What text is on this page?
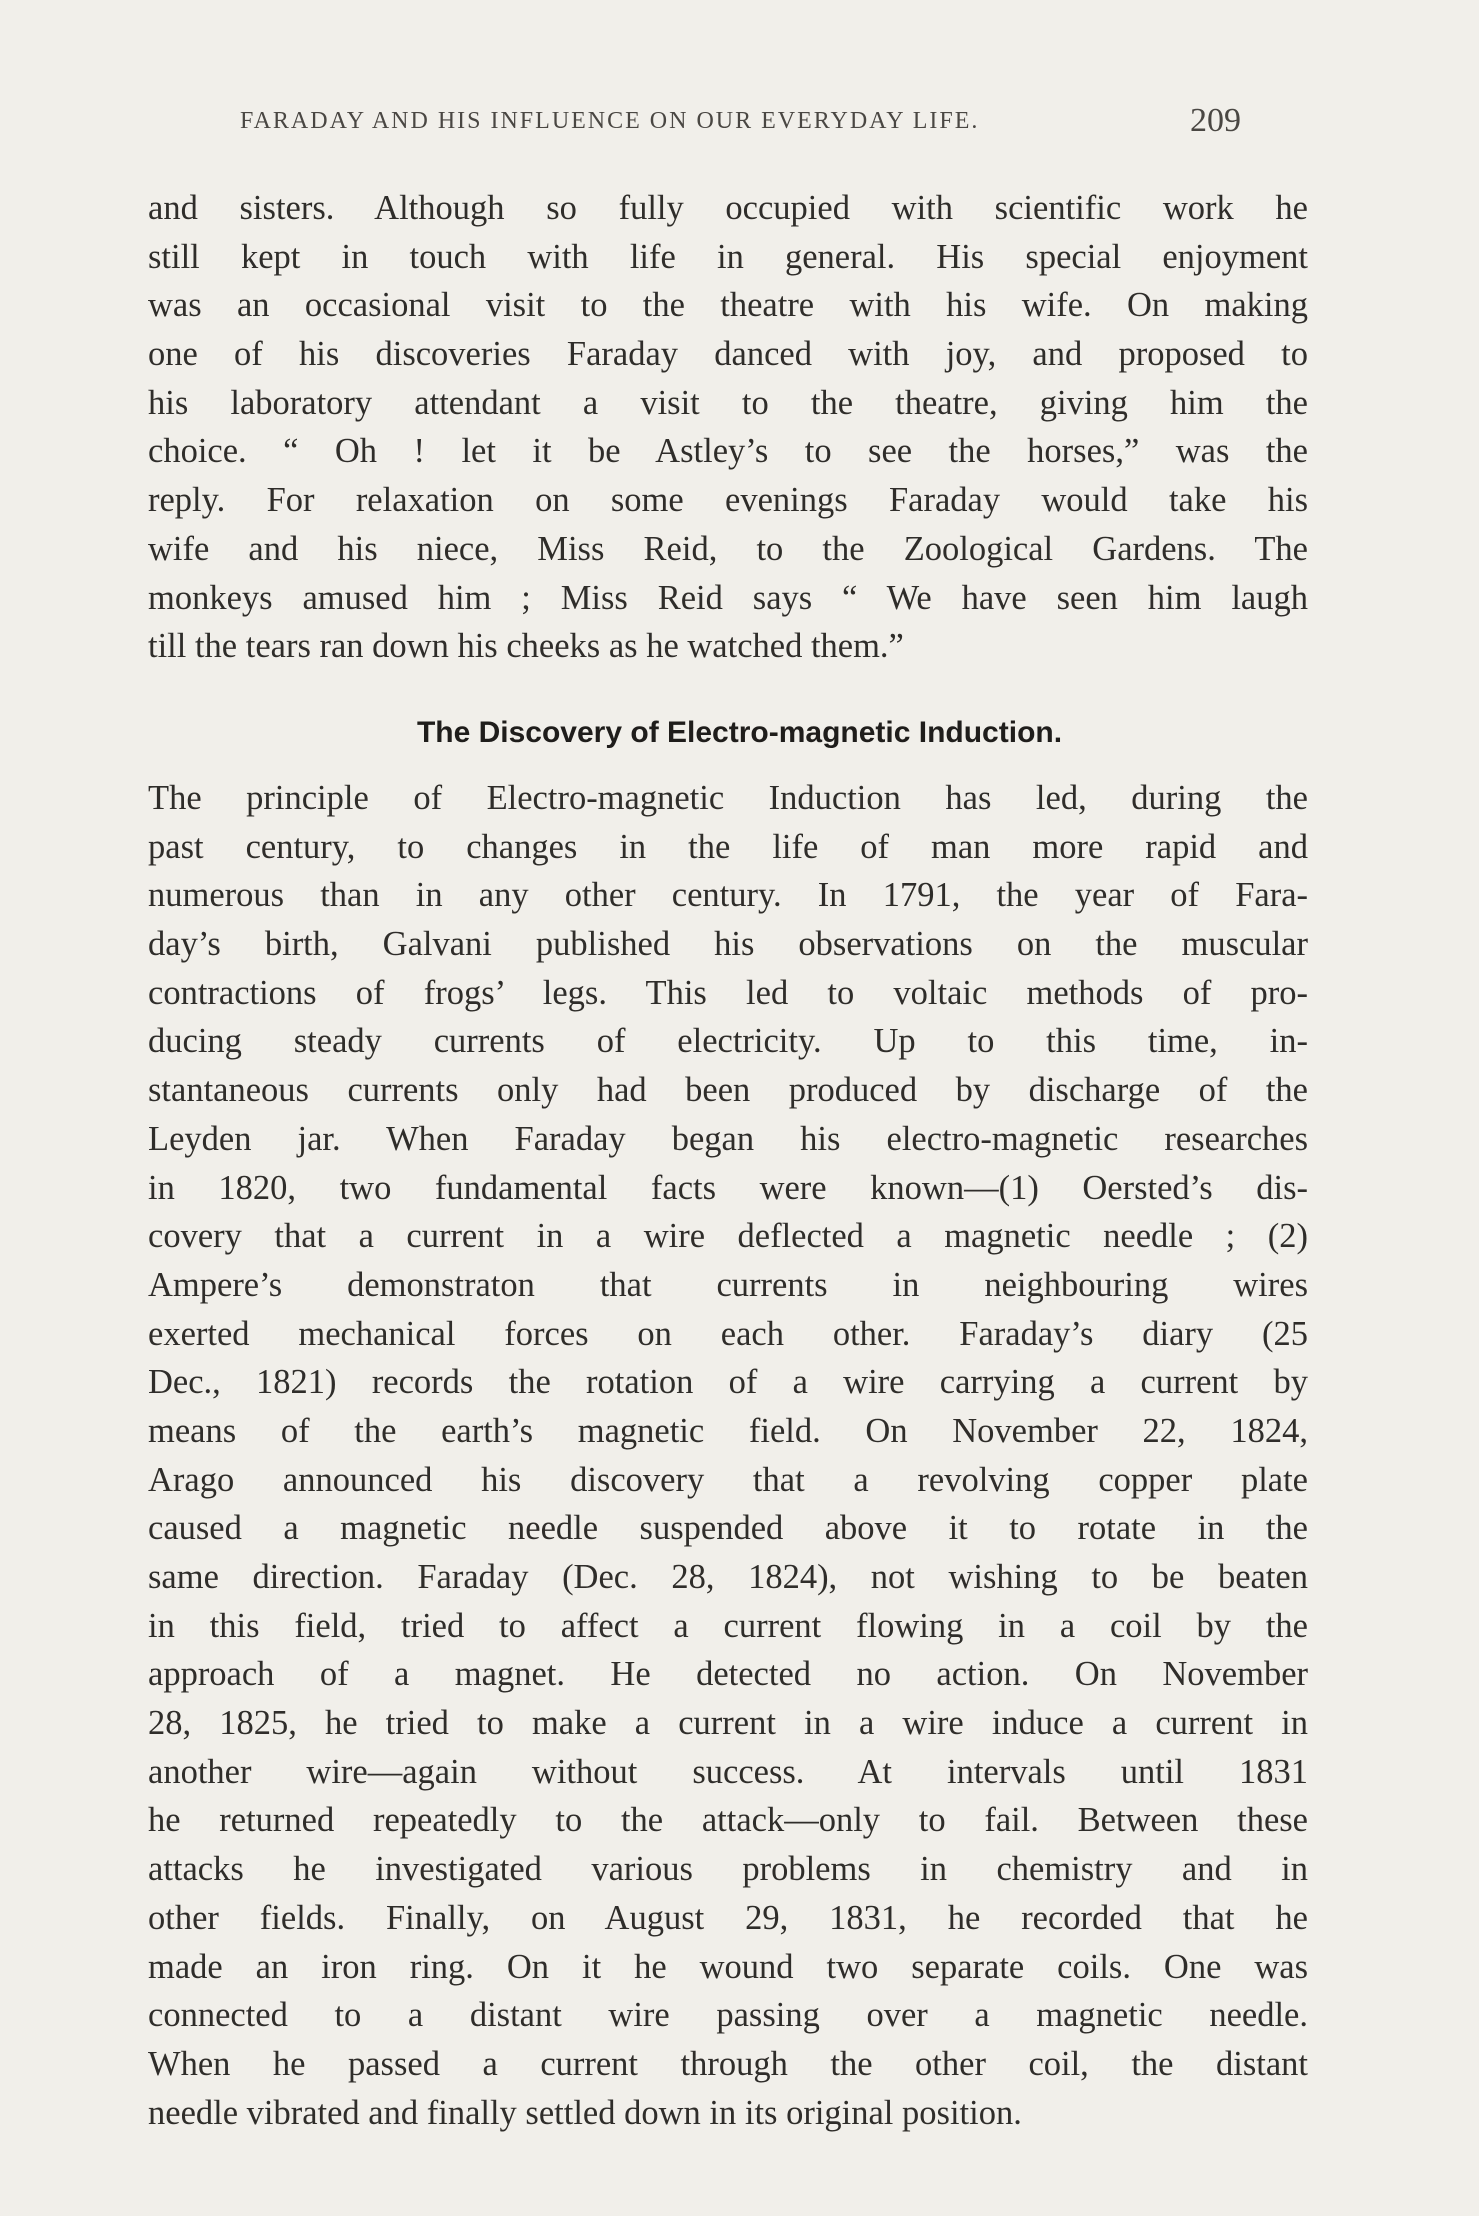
FARADAY AND HIS INFLUENCE ON OUR EVERYDAY LIFE.	209
and sisters. Although so fully occupied with scientific work he
still kept in touch with life in general. His special enjoyment
was an occasional visit to the theatre with his wife. On making
one of his discoveries Faraday danced with joy, and proposed to
his laboratory attendant a visit to the theatre, giving him the
choice. “ Oh ! let it be Astley’s to see the horses,” was the
reply. For relaxation on some evenings Faraday would take his
wife and his niece, Miss Reid, to the Zoological Gardens. The
monkeys amused him ; Miss Reid says “ We have seen him laugh
till the tears ran down his cheeks as he watched them.”
The Discovery of Electro-magnetic Induction.
The principle of Electro-magnetic Induction has led, during the
past century, to changes in the life of man more rapid and
numerous than in any other century. In 1791, the year of Fara-
day’s birth, Galvani published his observations on the muscular
contractions of frogs’ legs. This led to voltaic methods of pro-
ducing steady currents of electricity. Up to this time, in-
stantaneous currents only had been produced by discharge of the
Leyden jar. When Faraday began his electro-magnetic researches
in 1820, two fundamental facts were known—(1) Oersted’s dis-
covery that a current in a wire deflected a magnetic needle ; (2)
Ampere’s demonstraton that currents in neighbouring wires
exerted mechanical forces on each other. Faraday’s diary (25
Dec., 1821) records the rotation of a wire carrying a current by
means of the earth’s magnetic field. On November 22, 1824,
Arago announced his discovery that a revolving copper plate
caused a magnetic needle suspended above it to rotate in the
same direction. Faraday (Dec. 28, 1824), not wishing to be beaten
in this field, tried to affect a current flowing in a coil by the
approach of a magnet. He detected no action. On November
28, 1825, he tried to make a current in a wire induce a current in
another wire—again without success. At intervals until 1831
he returned repeatedly to the attack—only to fail. Between these
attacks he investigated various problems in chemistry and in
other fields. Finally, on August 29, 1831, he recorded that he
made an iron ring. On it he wound two separate coils. One was
connected to a distant wire passing over a magnetic needle.
When he passed a current through the other coil, the distant
needle vibrated and finally settled down in its original position.
